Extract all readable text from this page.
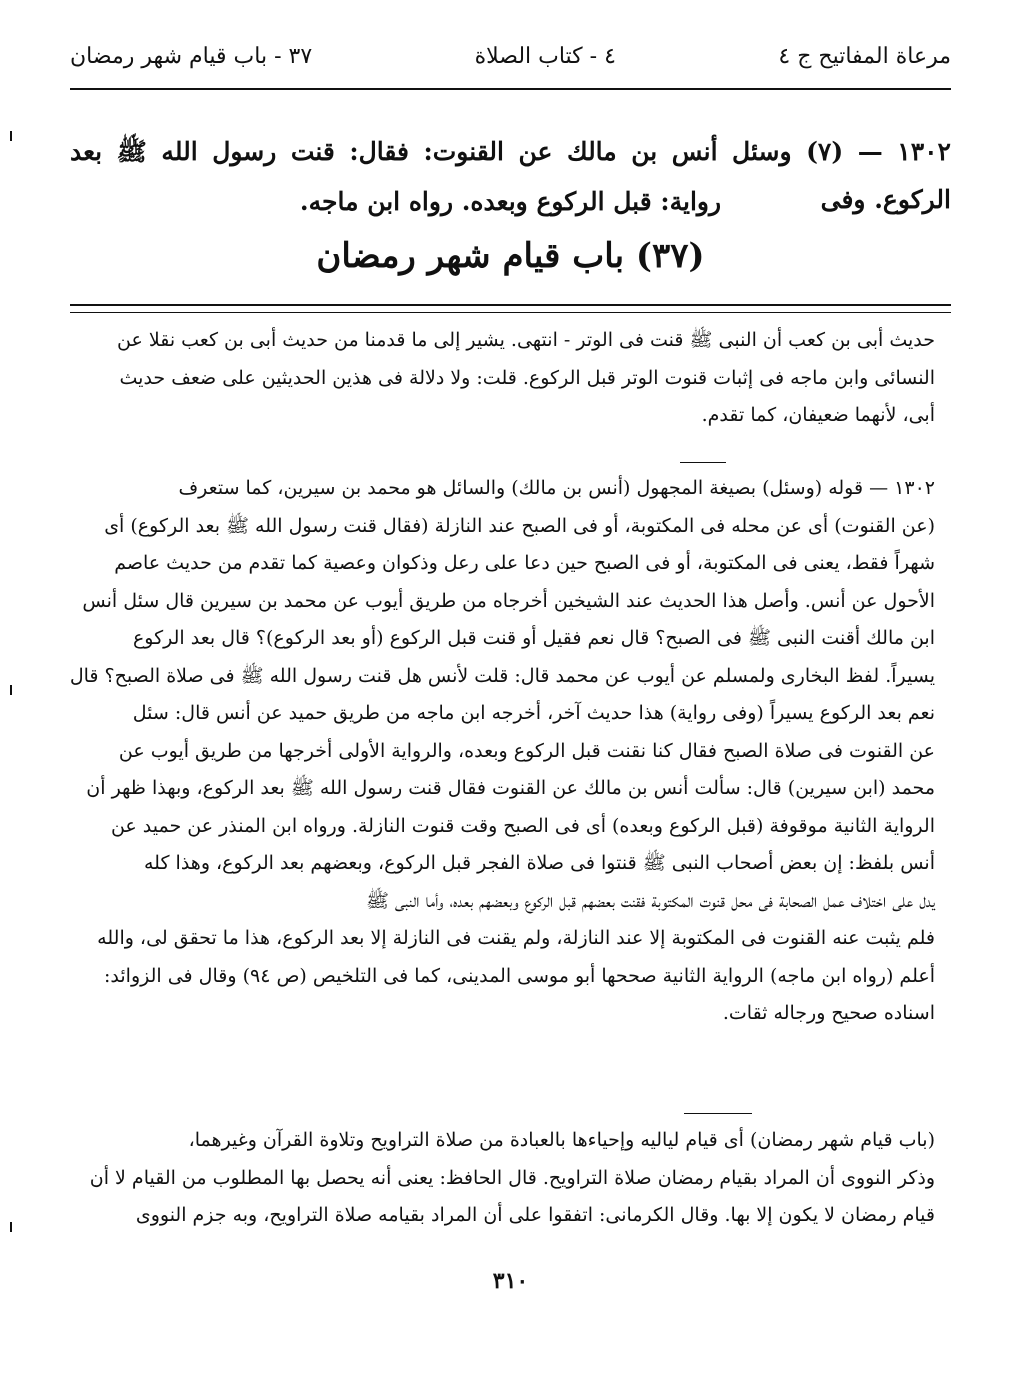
مرعاة المفاتيح ج ٤
٤ - كتاب الصلاة
٣٧ - باب قيام شهر رمضان
١٣٠٢ — (٧) وسئل أنس بن مالك عن القنوت: فقال: قنت رسول الله ﷺ بعد الركوع. وفى
رواية: قبل الركوع وبعده. رواه ابن ماجه.
(٣٧) باب قيام شهر رمضان

حديث أبى بن كعب أن النبى ﷺ قنت فى الوتر - انتهى. يشير إلى ما قدمنا من حديث أبى بن كعب نقلا عن

النسائى وابن ماجه فى إثبات قنوت الوتر قبل الركوع. قلت: ولا دلالة فى هذين الحديثين على ضعف حديث

أبى، لأنهما ضعيفان، كما تقدم.

١٣٠٢ — قوله (وسئل) بصيغة المجهول (أنس بن مالك) والسائل هو محمد بن سيرين، كما ستعرف

(عن القنوت) أى عن محله فى المكتوبة، أو فى الصبح عند النازلة (فقال قنت رسول الله ﷺ بعد الركوع) أى

شهراً فقط، يعنى فى المكتوبة، أو فى الصبح حين دعا على رعل وذكوان وعصية كما تقدم من حديث عاصم

الأحول عن أنس. وأصل هذا الحديث عند الشيخين أخرجاه من طريق أيوب عن محمد بن سيرين قال سئل أنس

ابن مالك أقنت النبى ﷺ فى الصبح؟ قال نعم فقيل أو قنت قبل الركوع (أو بعد الركوع)؟ قال بعد الركوع

يسيراً. لفظ البخارى ولمسلم عن أيوب عن محمد قال: قلت لأنس هل قنت رسول الله ﷺ فى صلاة الصبح؟ قال

نعم بعد الركوع يسيراً (وفى رواية) هذا حديث آخر، أخرجه ابن ماجه من طريق حميد عن أنس قال: سئل

عن القنوت فى صلاة الصبح فقال كنا نقنت قبل الركوع وبعده، والرواية الأولى أخرجها من طريق أيوب عن

محمد (ابن سيرين) قال: سألت أنس بن مالك عن القنوت فقال قنت رسول الله ﷺ بعد الركوع، وبهذا ظهر أن

الرواية الثانية موقوفة (قبل الركوع وبعده) أى فى الصبح وقت قنوت النازلة. ورواه ابن المنذر عن حميد عن

أنس بلفظ: إن بعض أصحاب النبى ﷺ قنتوا فى صلاة الفجر قبل الركوع، وبعضهم بعد الركوع، وهذا كله

يدل على اختلاف عمل الصحابة فى محل قنوت المكتوبة فقنت بعضهم قبل الركوع وبعضهم بعده، وأما النبى ﷺ

فلم يثبت عنه القنوت فى المكتوبة إلا عند النازلة، ولم يقنت فى النازلة إلا بعد الركوع، هذا ما تحقق لى، والله

أعلم (رواه ابن ماجه) الرواية الثانية صححها أبو موسى المدينى، كما فى التلخيص (ص ٩٤) وقال فى الزوائد:

اسناده صحيح ورجاله ثقات.

(باب قيام شهر رمضان) أى قيام لياليه وإحياءها بالعبادة من صلاة التراويح وتلاوة القرآن وغيرهما،

وذكر النووى أن المراد بقيام رمضان صلاة التراويح. قال الحافظ: يعنى أنه يحصل بها المطلوب من القيام لا أن

قيام رمضان لا يكون إلا بها. وقال الكرمانى: اتفقوا على أن المراد بقيامه صلاة التراويح، وبه جزم النووى

٣١٠
